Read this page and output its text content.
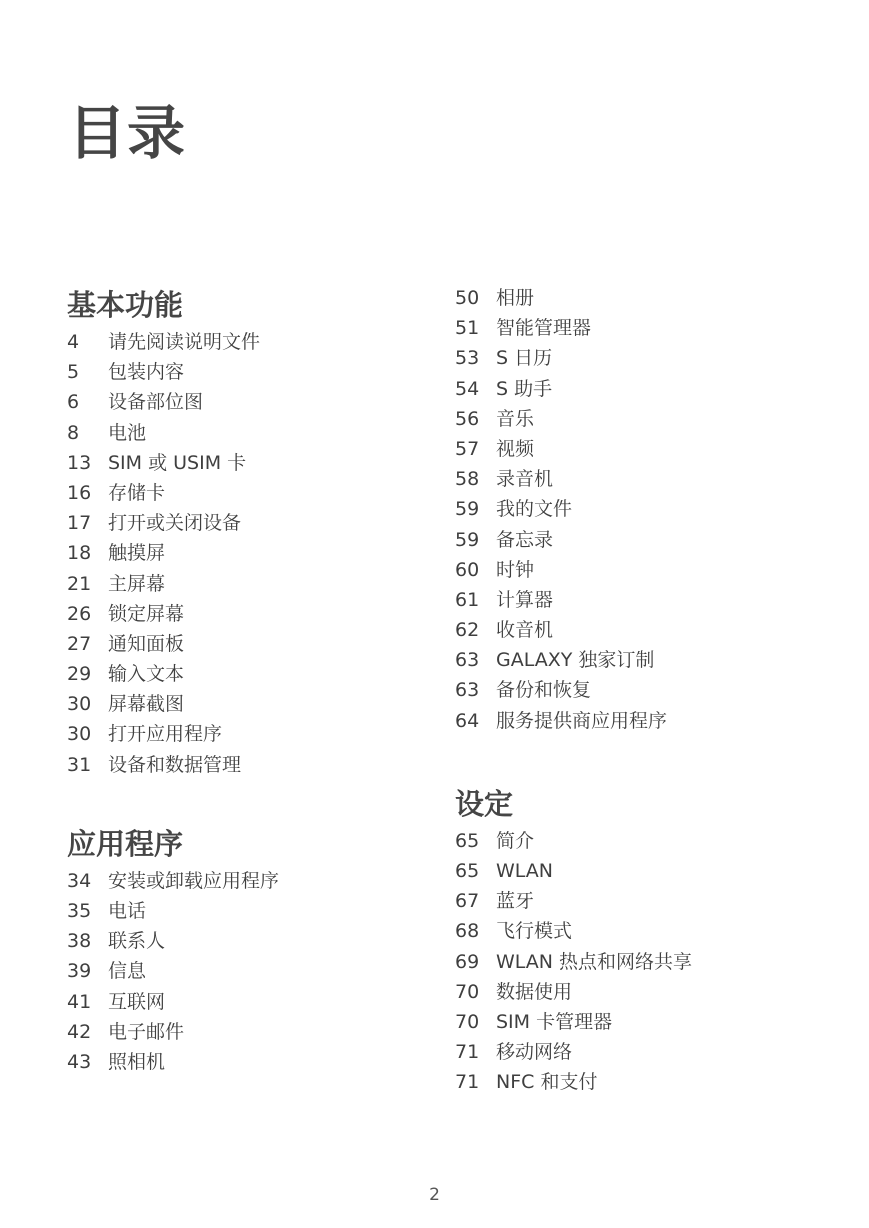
目录
基本功能
4	请先阅读说明文件
5	包装内容
6	设备部位图
8	电池
13 SIM 或 USIM 卡
16 存储卡
17 打开或关闭设备
18 触摸屏
21 主屏幕
26 锁定屏幕
27 通知面板
29 输入文本
30 屏幕截图
30 打开应用程序
31 设备和数据管理
应用程序
34 安装或卸载应用程序
35 电话
38 联系人
39 信息
41 互联网
42 电子邮件
43 照相机
50 相册
51 智能管理器
53 S 日历
54 S 助手
56 音乐
57 视频
58 录音机
59 我的文件
59 备忘录
60 时钟
61 计算器
62 收音机
63 GALAXY 独家订制
63 备份和恢复
64 服务提供商应用程序
设定
65 简介
65 WLAN
67 蓝牙
68 飞行模式
69 WLAN 热点和网络共享
70 数据使用
70 SIM 卡管理器
71 移动网络
71 NFC 和支付
2
